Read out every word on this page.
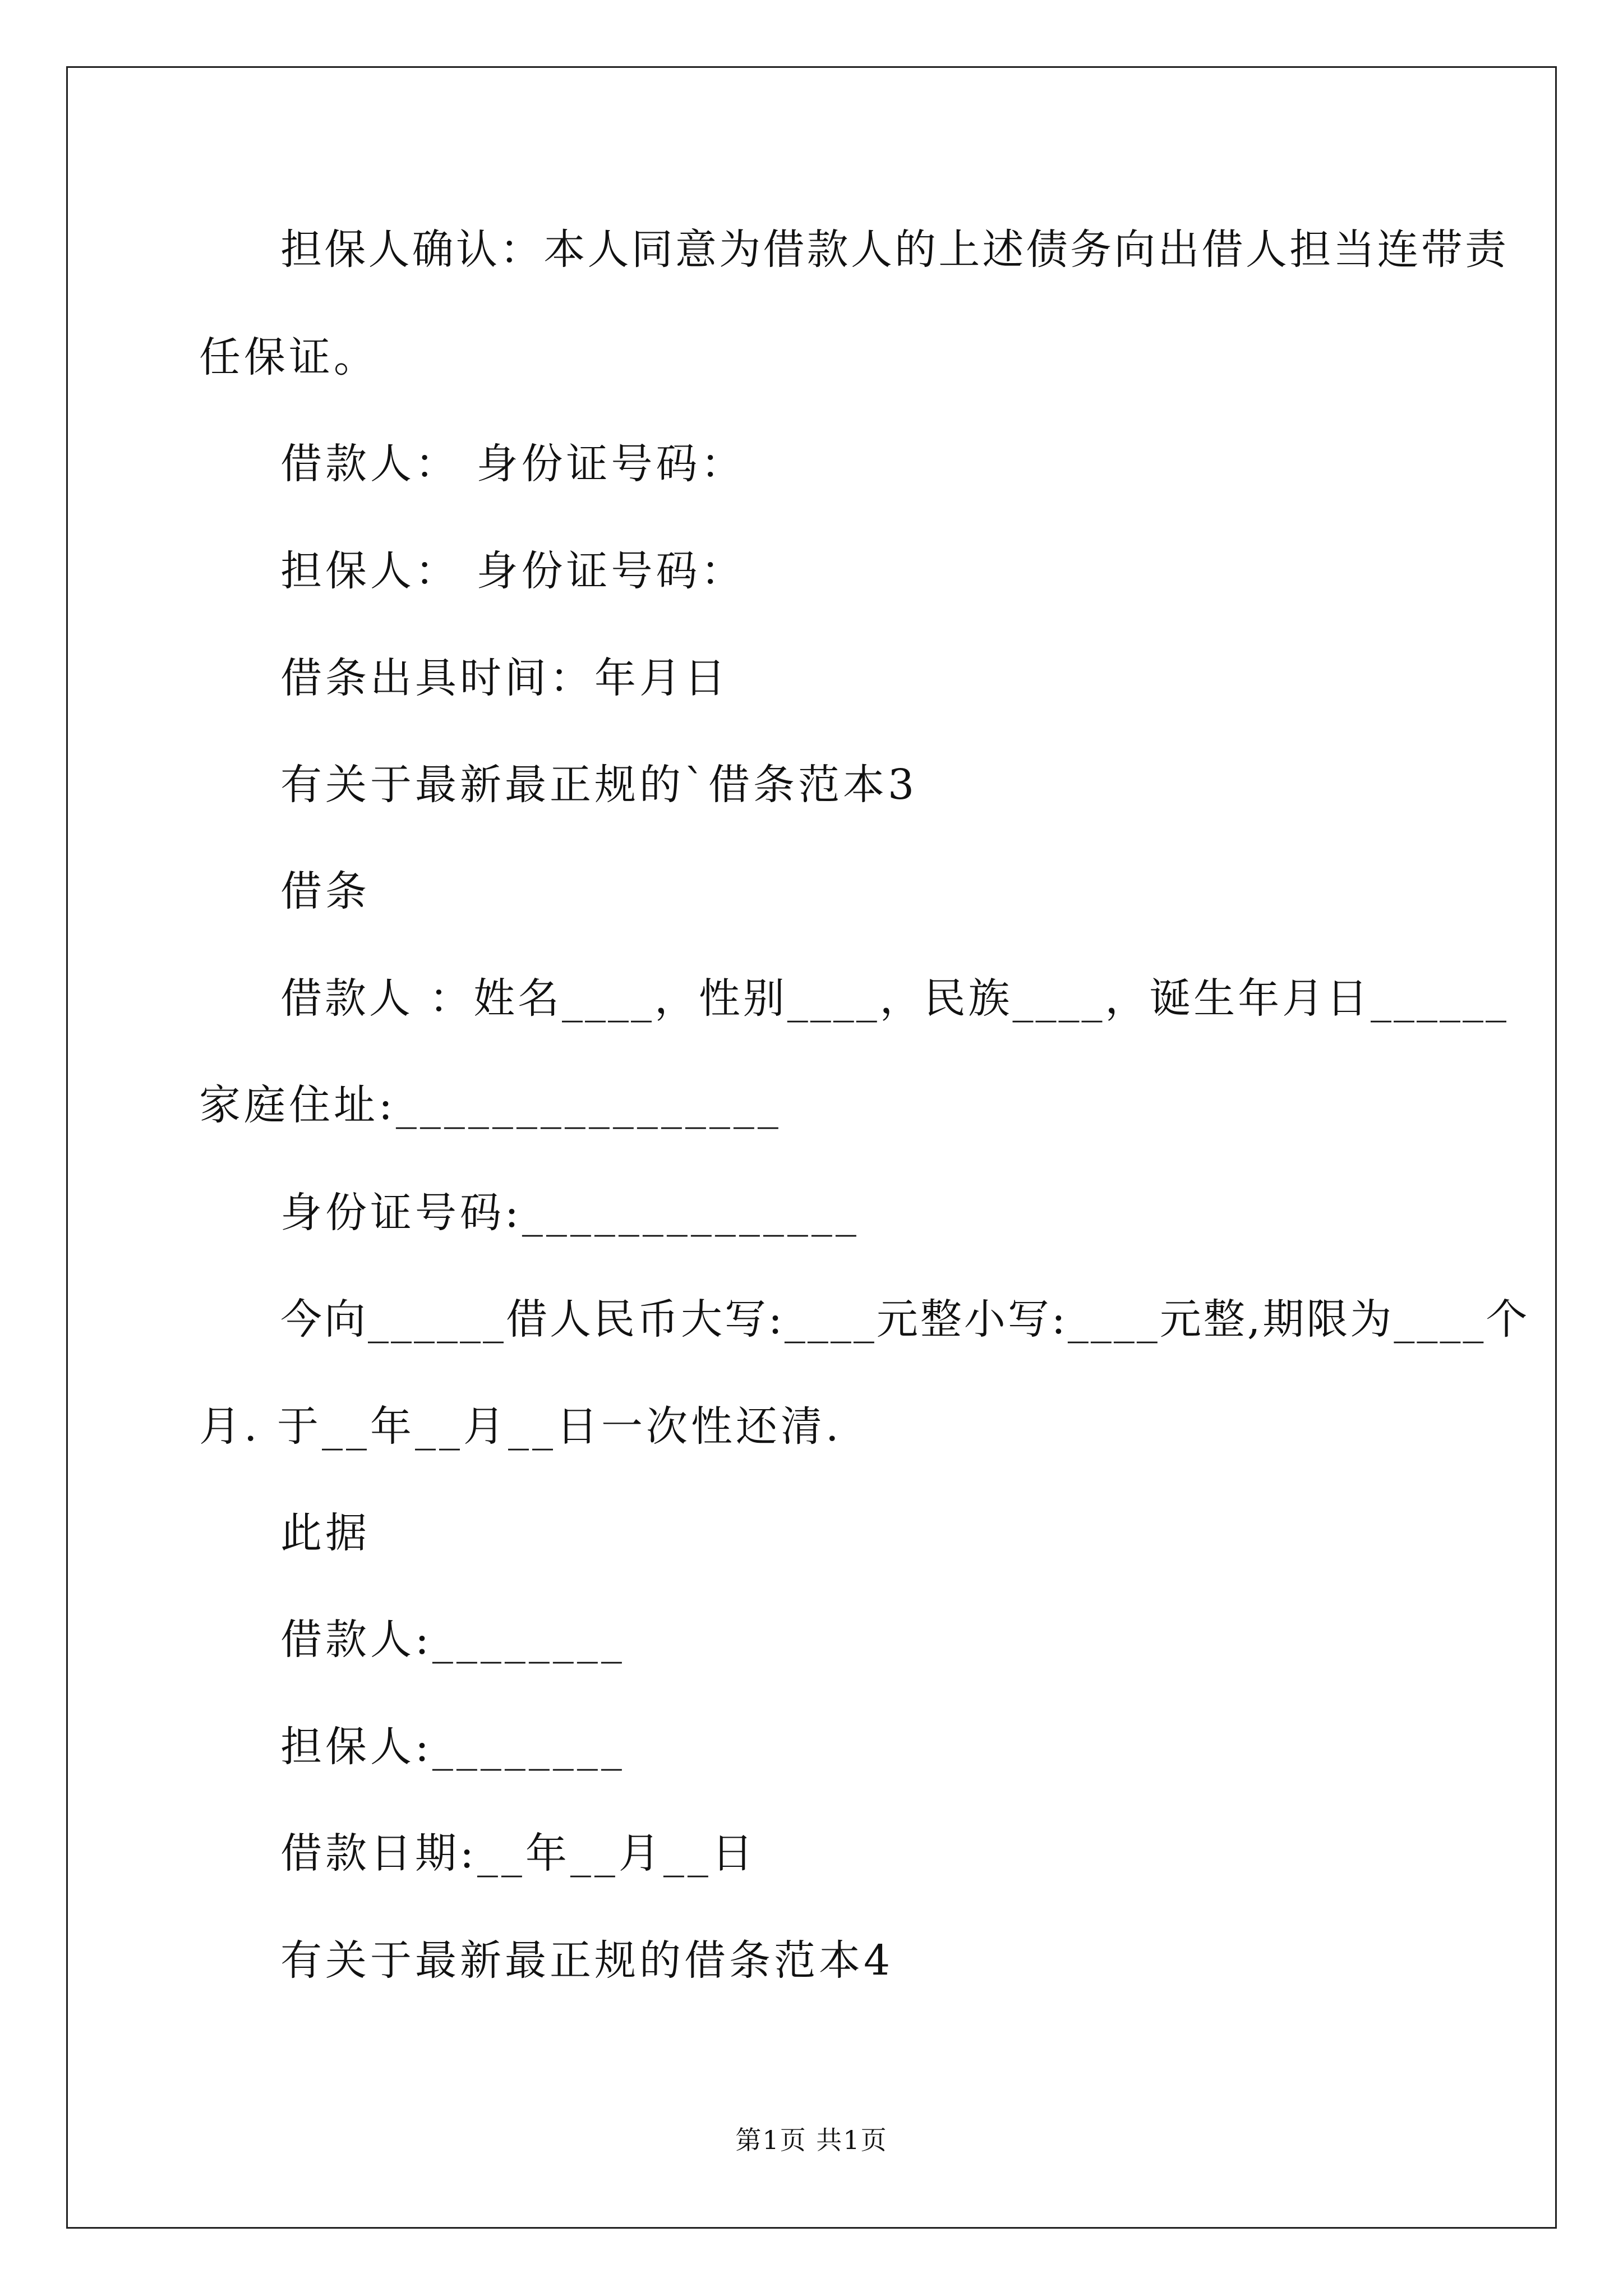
担保人确认：本人同意为借款人的上述债务向出借人担当连带责
任保证。
借款人： 身份证号码：
担保人： 身份证号码：
借条出具时间：年月日
有关于最新最正规的`借条范本3
借条
借款人 ：姓名____，性别____，民族____，诞生年月日______
家庭住址:________________
身份证号码:______________
今向______借人民币大写:____元整小写:____元整,期限为____个
月. 于__年__月__日一次性还清.
此据
借款人:________
担保人:________
借款日期:__年__月__日
有关于最新最正规的借条范本4
第1页 共1页
